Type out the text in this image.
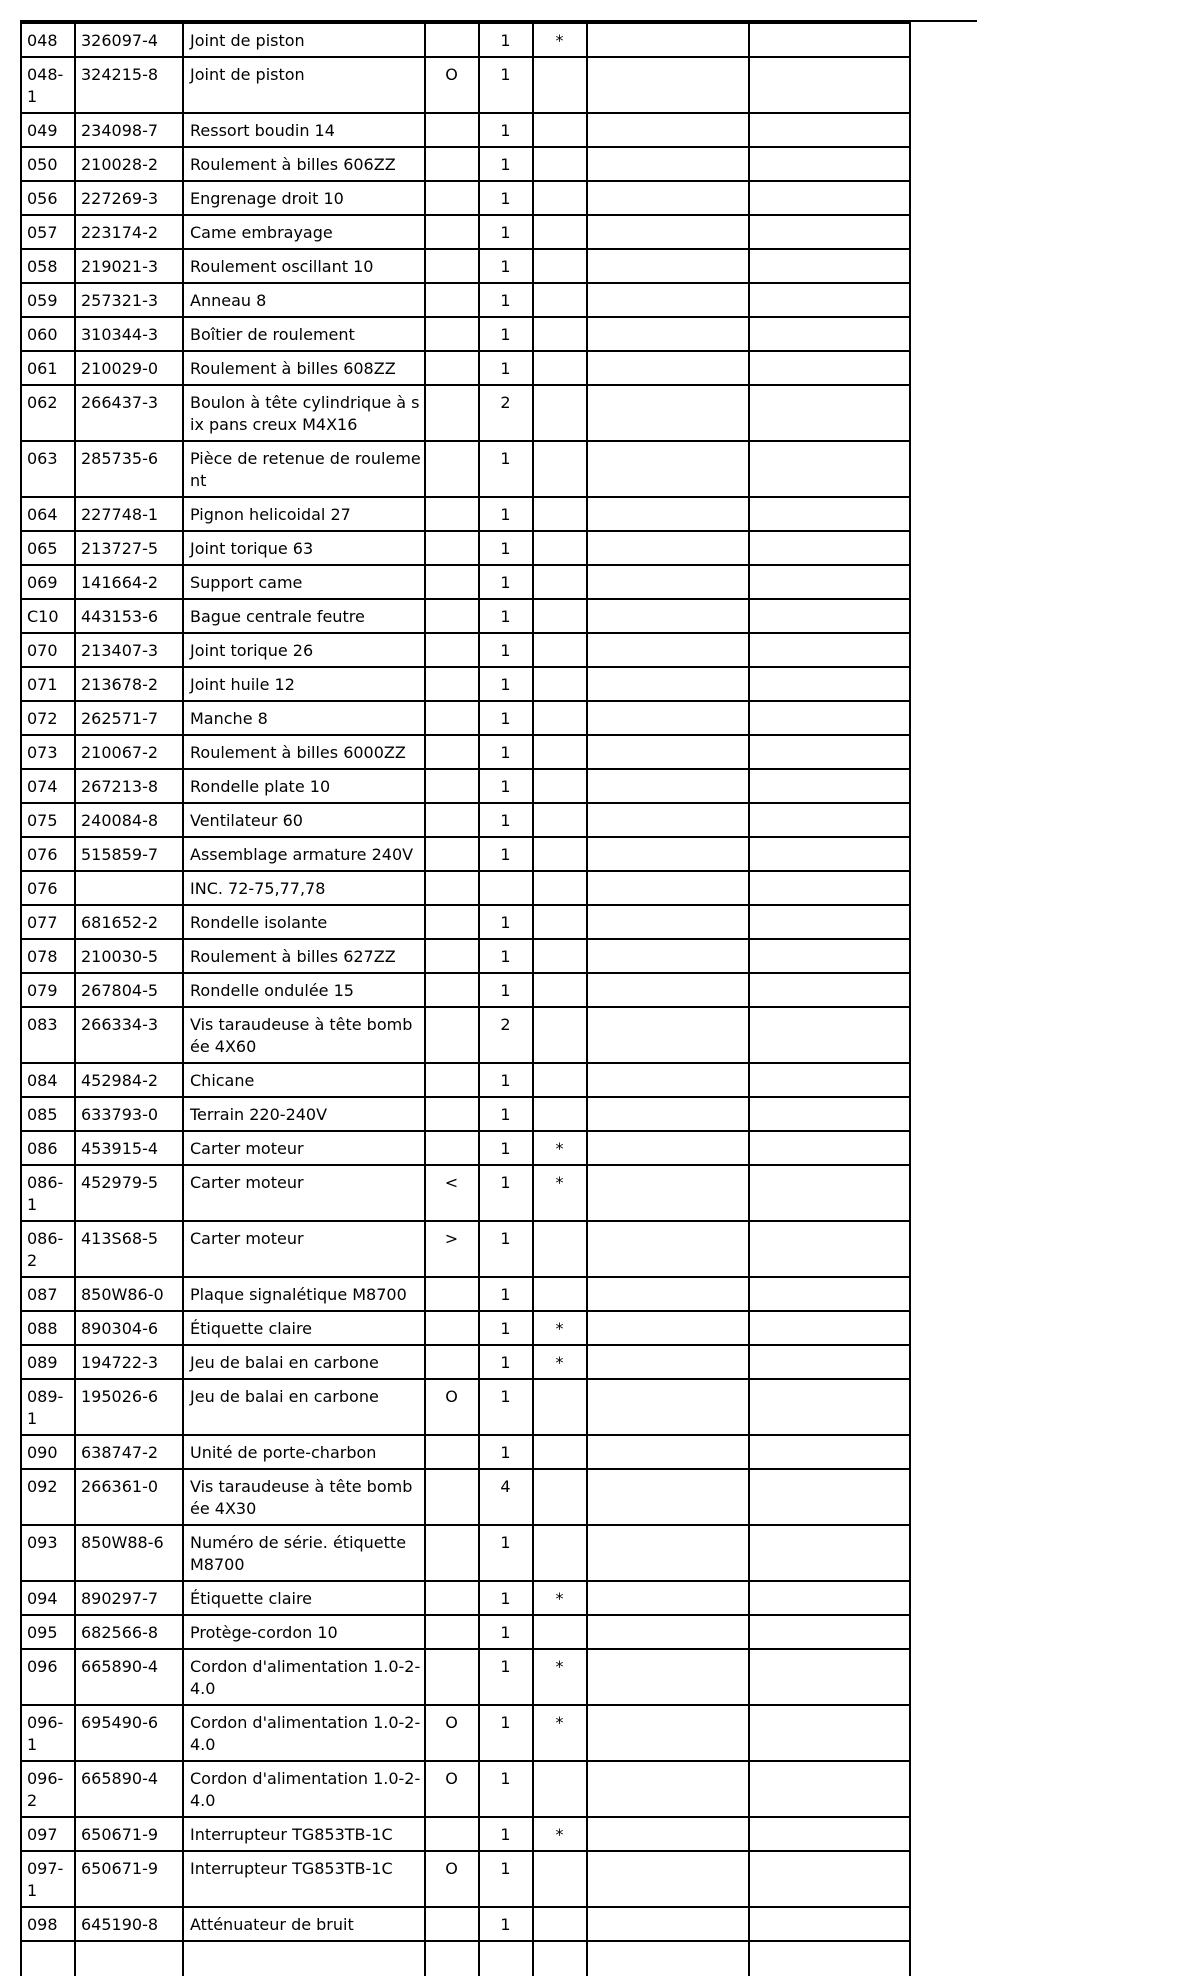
048	326097-4	Joint de piston		1	*		
048-1	324215-8	Joint de piston	O	1			
049	234098-7	Ressort boudin 14		1			
050	210028-2	Roulement à billes 606ZZ		1			
056	227269-3	Engrenage droit 10		1			
057	223174-2	Came embrayage		1			
058	219021-3	Roulement oscillant 10		1			
059	257321-3	Anneau 8		1			
060	310344-3	Boîtier de roulement		1			
061	210029-0	Roulement à billes 608ZZ		1			
062	266437-3	Boulon à tête cylindrique à six pans creux M4X16		2			
063	285735-6	Pièce de retenue de roulement		1			
064	227748-1	Pignon helicoidal 27		1			
065	213727-5	Joint torique 63		1			
069	141664-2	Support came		1			
C10	443153-6	Bague centrale feutre		1			
070	213407-3	Joint torique 26		1			
071	213678-2	Joint huile 12		1			
072	262571-7	Manche 8		1			
073	210067-2	Roulement à billes 6000ZZ		1			
074	267213-8	Rondelle plate 10		1			
075	240084-8	Ventilateur 60		1			
076	515859-7	Assemblage armature 240V		1			
076		INC. 72-75,77,78					
077	681652-2	Rondelle isolante		1			
078	210030-5	Roulement à billes 627ZZ		1			
079	267804-5	Rondelle ondulée 15		1			
083	266334-3	Vis taraudeuse à tête bombée 4X60		2			
084	452984-2	Chicane		1			
085	633793-0	Terrain 220-240V		1			
086	453915-4	Carter moteur		1	*		
086-1	452979-5	Carter moteur	<	1	*		
086-2	413S68-5	Carter moteur	>	1			
087	850W86-0	Plaque signalétique M8700		1			
088	890304-6	Étiquette claire		1	*		
089	194722-3	Jeu de balai en carbone		1	*		
089-1	195026-6	Jeu de balai en carbone	O	1			
090	638747-2	Unité de porte-charbon		1			
092	266361-0	Vis taraudeuse à tête bombée 4X30		4			
093	850W88-6	Numéro de série. étiquette M8700		1			
094	890297-7	Étiquette claire		1	*		
095	682566-8	Protège-cordon 10		1			
096	665890-4	Cordon d'alimentation 1.0-2-4.0		1	*		
096-1	695490-6	Cordon d'alimentation 1.0-2-4.0	O	1	*		
096-2	665890-4	Cordon d'alimentation 1.0-2-4.0	O	1			
097	650671-9	Interrupteur TG853TB-1C		1	*		
097-1	650671-9	Interrupteur TG853TB-1C	O	1			
098	645190-8	Atténuateur de bruit		1			
